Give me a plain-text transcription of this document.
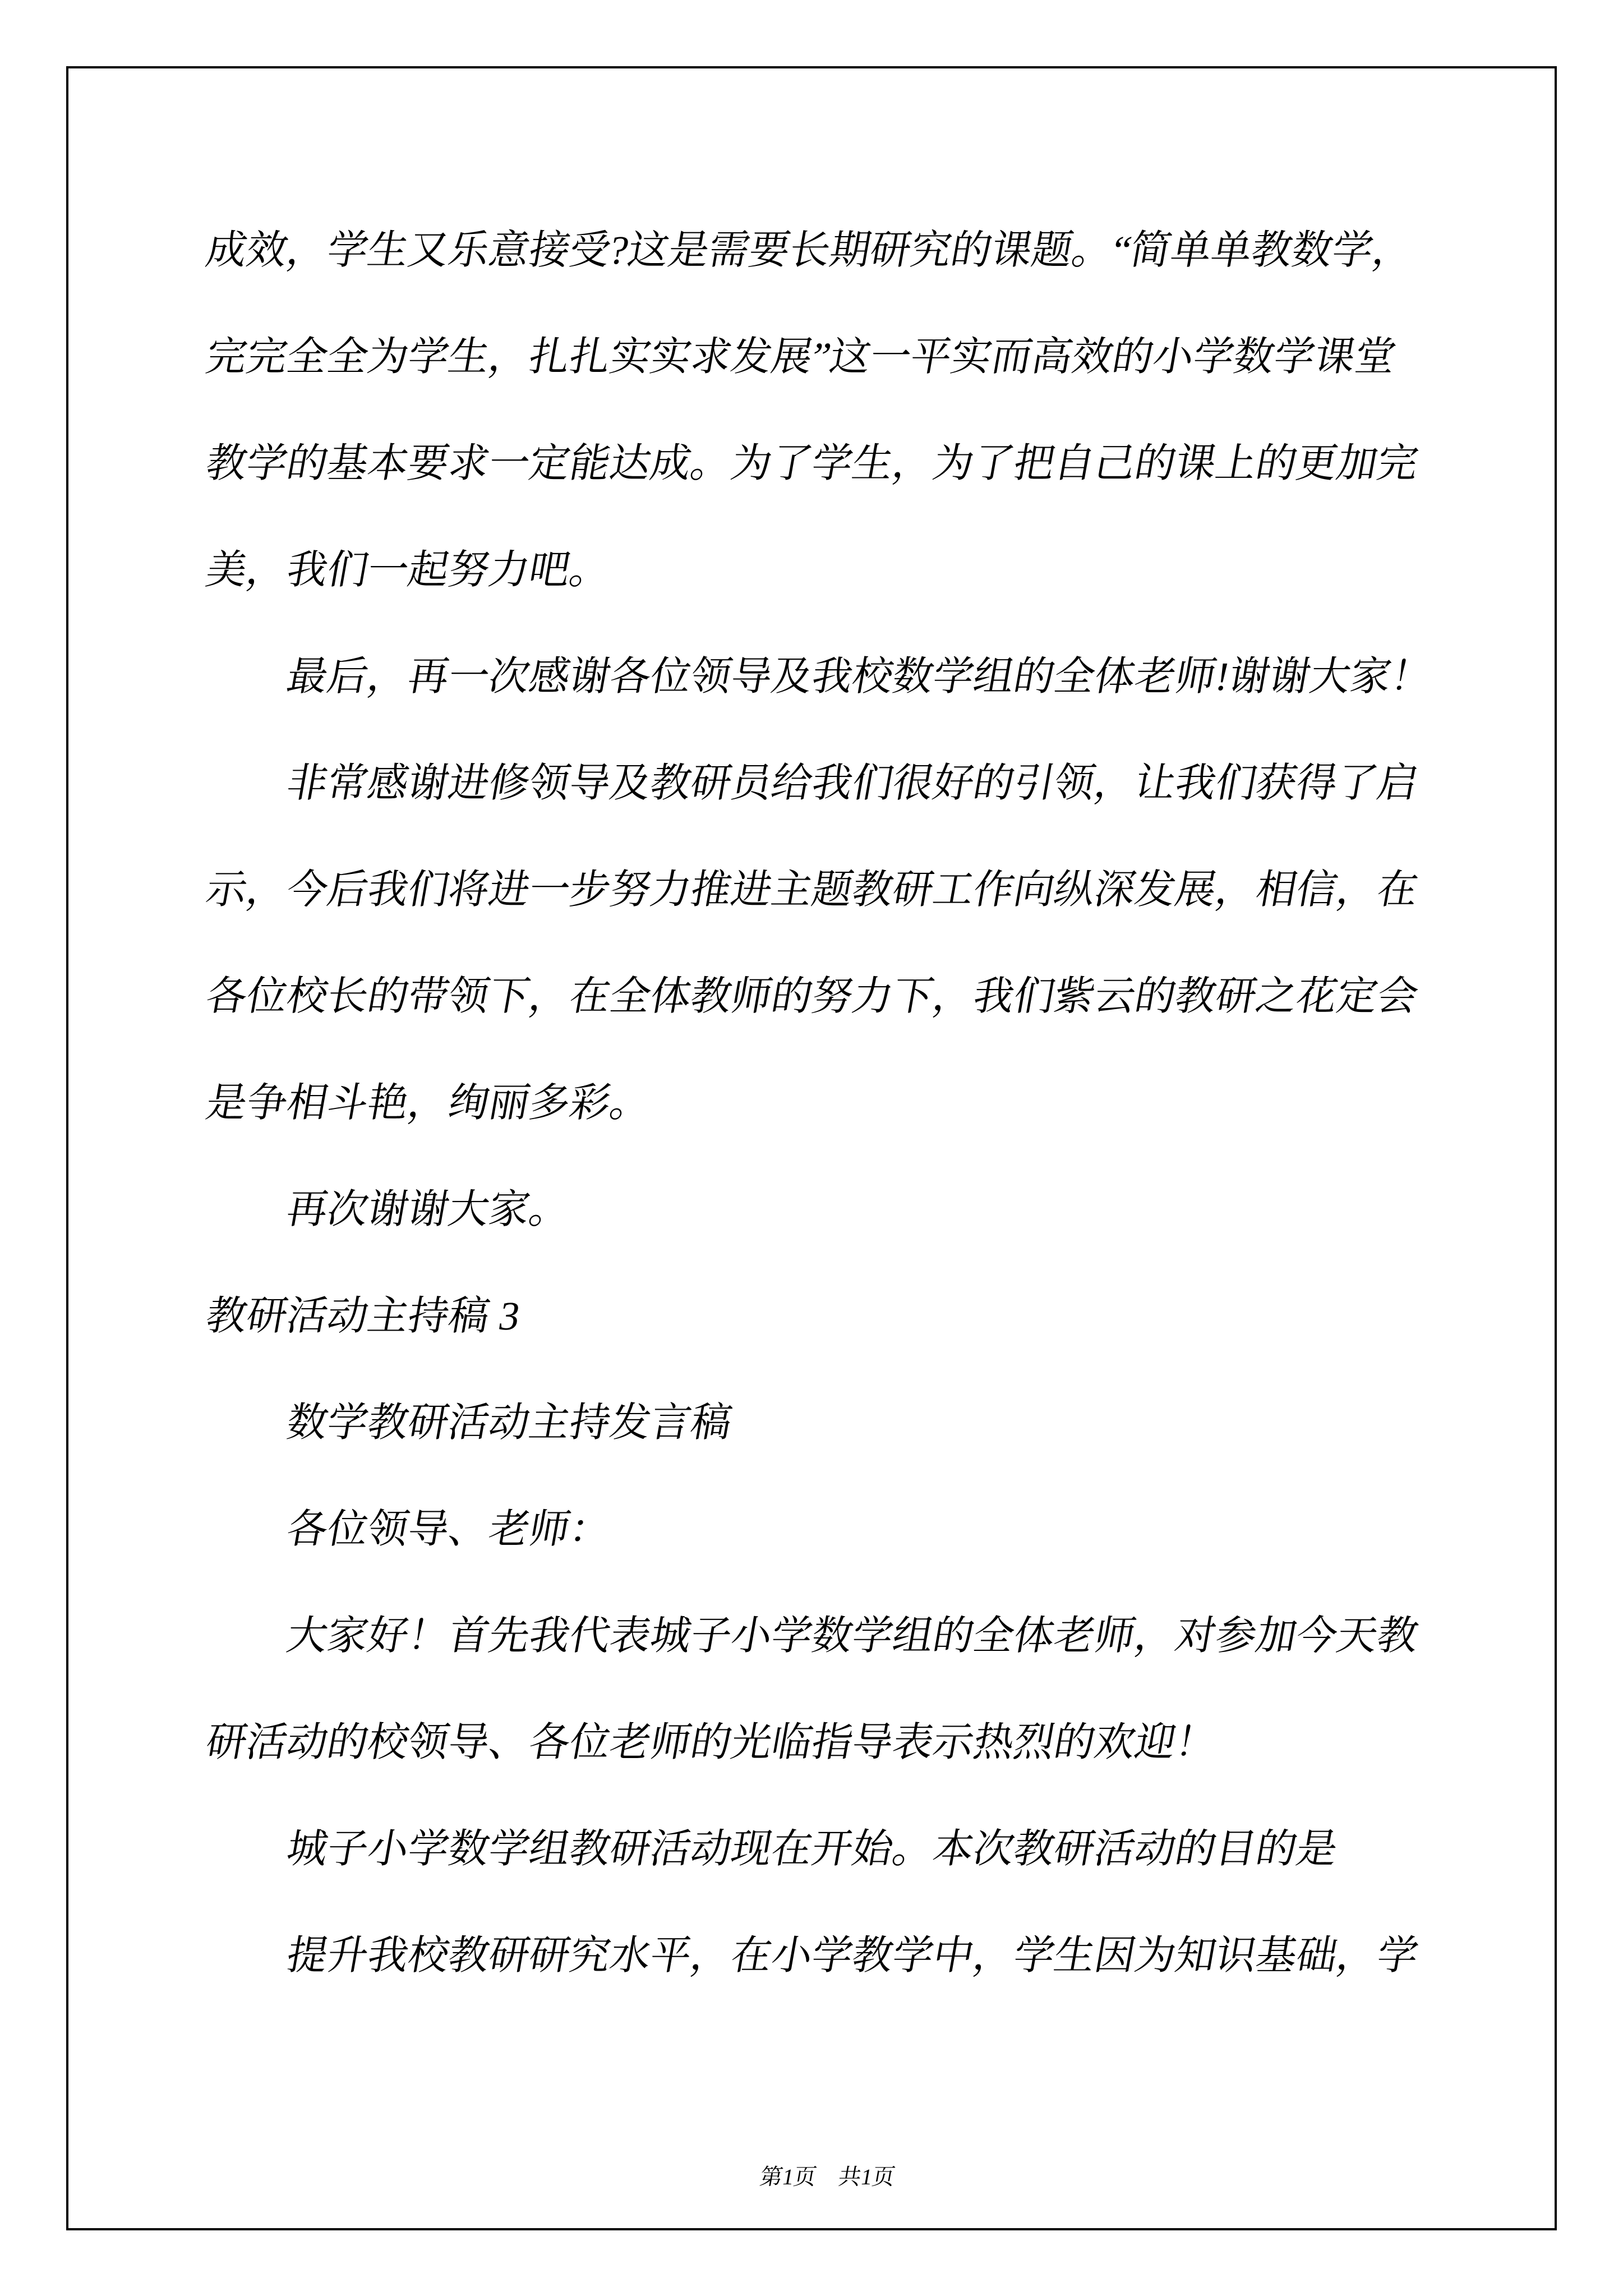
成效，学生又乐意接受?这是需要长期研究的课题。“简单单教数学，
完完全全为学生，扎扎实实求发展”这一平实而高效的小学数学课堂
教学的基本要求一定能达成。为了学生，为了把自己的课上的更加完
美，我们一起努力吧。
　　最后，再一次感谢各位领导及我校数学组的全体老师!谢谢大家！
　　非常感谢进修领导及教研员给我们很好的引领，让我们获得了启
示，今后我们将进一步努力推进主题教研工作向纵深发展，相信，在
各位校长的带领下，在全体教师的努力下，我们紫云的教研之花定会
是争相斗艳，绚丽多彩。
　　再次谢谢大家。
教研活动主持稿 3
　　数学教研活动主持发言稿
　　各位领导、老师：
　　大家好！首先我代表城子小学数学组的全体老师，对参加今天教
研活动的校领导、各位老师的光临指导表示热烈的欢迎！
　　城子小学数学组教研活动现在开始。本次教研活动的目的是
　　提升我校教研研究水平，在小学教学中，学生因为知识基础，学

第1页　共1页
